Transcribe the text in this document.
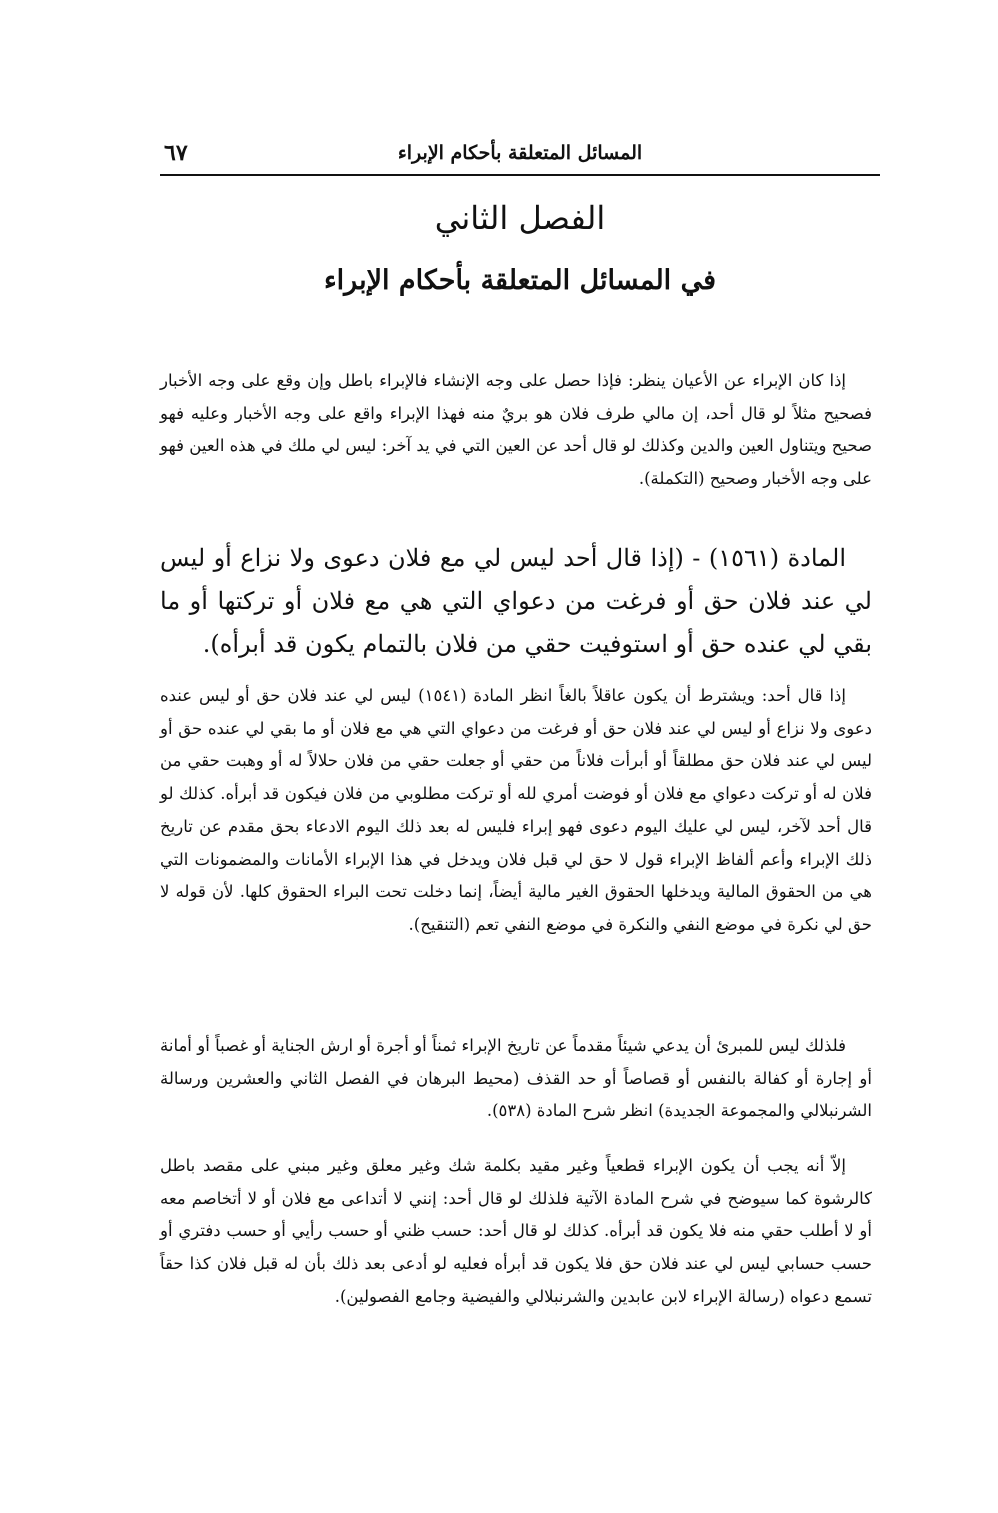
المسائل المتعلقة بأحكام الإبراء
٦٧
الفصل الثاني
في المسائل المتعلقة بأحكام الإبراء

إذا كان الإبراء عن الأعيان ينظر: فإذا حصل على وجه الإنشاء فالإبراء باطل وإن وقع على وجه الأخبار فصحيح مثلاً لو قال أحد، إن مالي طرف فلان هو بريٌ منه فهذا الإبراء واقع على وجه الأخبار وعليه فهو صحيح ويتناول العين والدين وكذلك لو قال أحد عن العين التي في يد آخر: ليس لي ملك في هذه العين فهو على وجه الأخبار وصحيح (التكملة).

المادة (١٥٦١) - (إذا قال أحد ليس لي مع فلان دعوى ولا نزاع أو ليس لي عند فلان حق أو فرغت من دعواي التي هي مع فلان أو تركتها أو ما بقي لي عنده حق أو استوفيت حقي من فلان بالتمام يكون قد أبرأه).

إذا قال أحد: ويشترط أن يكون عاقلاً بالغاً انظر المادة (١٥٤١) ليس لي عند فلان حق أو ليس عنده دعوى ولا نزاع أو ليس لي عند فلان حق أو فرغت من دعواي التي هي مع فلان أو ما بقي لي عنده حق أو ليس لي عند فلان حق مطلقاً أو أبرأت فلاناً من حقي أو جعلت حقي من فلان حلالاً له أو وهبت حقي من فلان له أو تركت دعواي مع فلان أو فوضت أمري لله أو تركت مطلوبي من فلان فيكون قد أبرأه. كذلك لو قال أحد لآخر، ليس لي عليك اليوم دعوى فهو إبراء فليس له بعد ذلك اليوم الادعاء بحق مقدم عن تاريخ ذلك الإبراء وأعم ألفاظ الإبراء قول لا حق لي قبل فلان ويدخل في هذا الإبراء الأمانات والمضمونات التي هي من الحقوق المالية ويدخلها الحقوق الغير مالية أيضاً، إنما دخلت تحت البراء الحقوق كلها. لأن قوله لا حق لي نكرة في موضع النفي والنكرة في موضع النفي تعم (التنقيح).

فلذلك ليس للمبرئ أن يدعي شيئاً مقدماً عن تاريخ الإبراء ثمناً أو أجرة أو ارش الجناية أو غصباً أو أمانة أو إجارة أو كفالة بالنفس أو قصاصاً أو حد القذف (محيط البرهان في الفصل الثاني والعشرين ورسالة الشرنبلالي والمجموعة الجديدة) انظر شرح المادة (٥٣٨).

إلاّ أنه يجب أن يكون الإبراء قطعياً وغير مقيد بكلمة شك وغير معلق وغير مبني على مقصد باطل كالرشوة كما سيوضح في شرح المادة الآتية فلذلك لو قال أحد: إنني لا أتداعى مع فلان أو لا أتخاصم معه أو لا أطلب حقي منه فلا يكون قد أبرأه. كذلك لو قال أحد: حسب ظني أو حسب رأيي أو حسب دفتري أو حسب حسابي ليس لي عند فلان حق فلا يكون قد أبرأه فعليه لو أدعى بعد ذلك بأن له قبل فلان كذا حقاً تسمع دعواه (رسالة الإبراء لابن عابدين والشرنبلالي والفيضية وجامع الفصولين).
